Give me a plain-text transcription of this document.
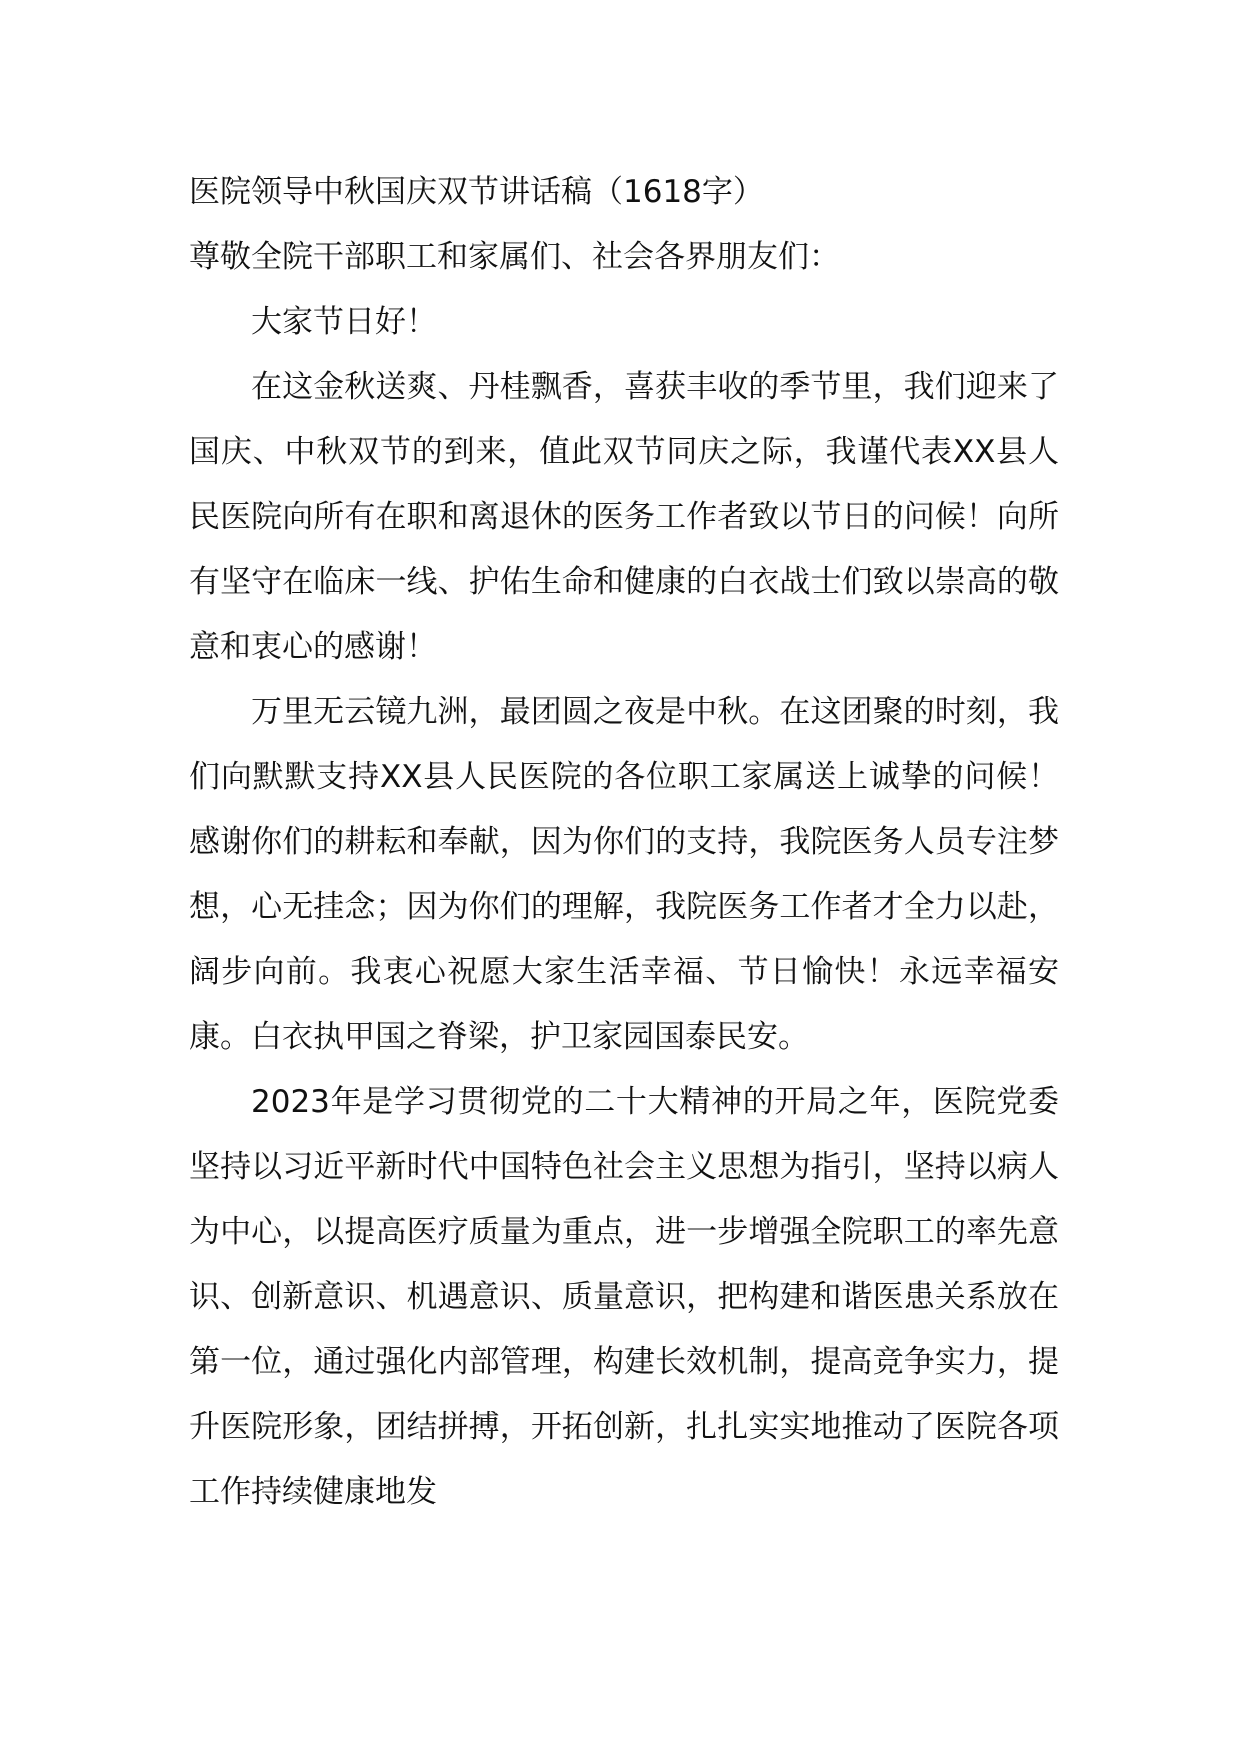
医院领导中秋国庆双节讲话稿（1618字）

尊敬全院干部职工和家属们、社会各界朋友们：

大家节日好！

在这金秋送爽、丹桂飘香，喜获丰收的季节里，我们迎来了国庆、中秋双节的到来，值此双节同庆之际，我谨代表XX县人民医院向所有在职和离退休的医务工作者致以节日的问候！向所有坚守在临床一线、护佑生命和健康的白衣战士们致以崇高的敬意和衷心的感谢！

万里无云镜九洲，最团圆之夜是中秋。在这团聚的时刻，我们向默默支持XX县人民医院的各位职工家属送上诚挚的问候！感谢你们的耕耘和奉献，因为你们的支持，我院医务人员专注梦想，心无挂念；因为你们的理解，我院医务工作者才全力以赴，阔步向前。我衷心祝愿大家生活幸福、节日愉快！永远幸福安康。白衣执甲国之脊梁，护卫家园国泰民安。

2023年是学习贯彻党的二十大精神的开局之年，医院党委坚持以习近平新时代中国特色社会主义思想为指引，坚持以病人为中心，以提高医疗质量为重点，进一步增强全院职工的率先意识、创新意识、机遇意识、质量意识，把构建和谐医患关系放在第一位，通过强化内部管理，构建长效机制，提高竞争实力，提升医院形象，团结拼搏，开拓创新，扎扎实实地推动了医院各项工作持续健康地发
